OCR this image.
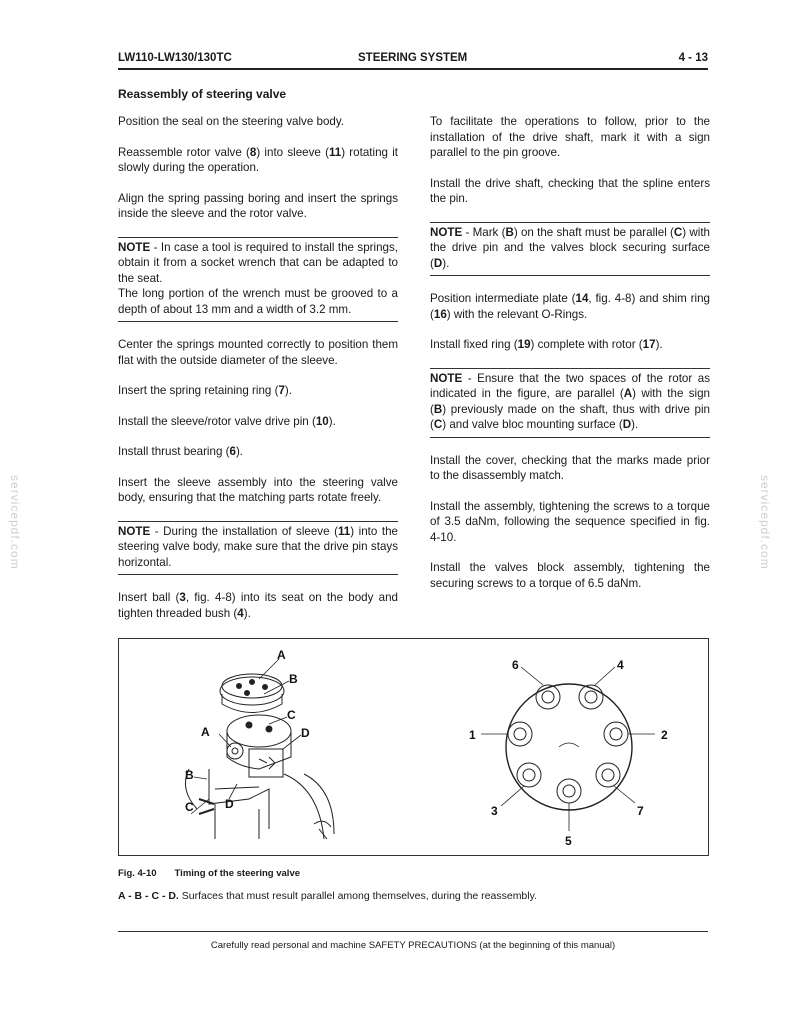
LW110-LW130/130TC	STEERING SYSTEM	4 - 13
Reassembly of steering valve

Position the seal on the steering valve body.

Reassemble rotor valve (8) into sleeve (11) rotating it slowly during the operation.

Align the spring passing boring and insert the springs inside the sleeve and the rotor valve.

NOTE - In case a tool is required to install the springs, obtain it from a socket wrench that can be adapted to the seat.

The long portion of the wrench must be grooved to a depth of about 13 mm and a width of 3.2 mm.

Center the springs mounted correctly to position them flat with the outside diameter of the sleeve.

Insert the spring retaining ring (7).

Install the sleeve/rotor valve drive pin (10).

Install thrust bearing (6).

Insert the sleeve assembly into the steering valve body, ensuring that the matching parts rotate freely.

NOTE - During the installation of sleeve (11) into the steering valve body, make sure that the drive pin stays horizontal.

Insert ball (3, fig. 4-8) into its seat on the body and tighten threaded bush (4).

To facilitate the operations to follow, prior to the installation of the drive shaft, mark it with a sign parallel to the pin groove.

Install the drive shaft, checking that the spline enters the pin.

NOTE - Mark (B) on the shaft must be parallel (C) with the drive pin and the valves block securing surface (D).

Position intermediate plate (14, fig. 4-8) and shim ring (16) with the relevant O-Rings.

Install fixed ring (19) complete with rotor (17).

NOTE - Ensure that the two spaces of the rotor as indicated in the figure, are parallel (A) with the sign (B) previously made on the shaft, thus with drive pin (C) and valve bloc mounting surface (D).

Install the cover, checking that the marks made prior to the disassembly match.

Install the assembly, tightening the screws to a torque of 3.5 daNm, following the sequence specified in fig. 4-10.

Install the valves block assembly, tightening the securing screws to a torque of 6.5 daNm.

servicepdf.com	servicepdf.com
A
B
C
A	D
B
C	D
6	4
1	2
3	7
5
Fig. 4-10 Timing of the steering valve
A - B - C - D. Surfaces that must result parallel among themselves, during the reassembly.
Carefully read personal and machine SAFETY PRECAUTIONS (at the beginning of this manual)
